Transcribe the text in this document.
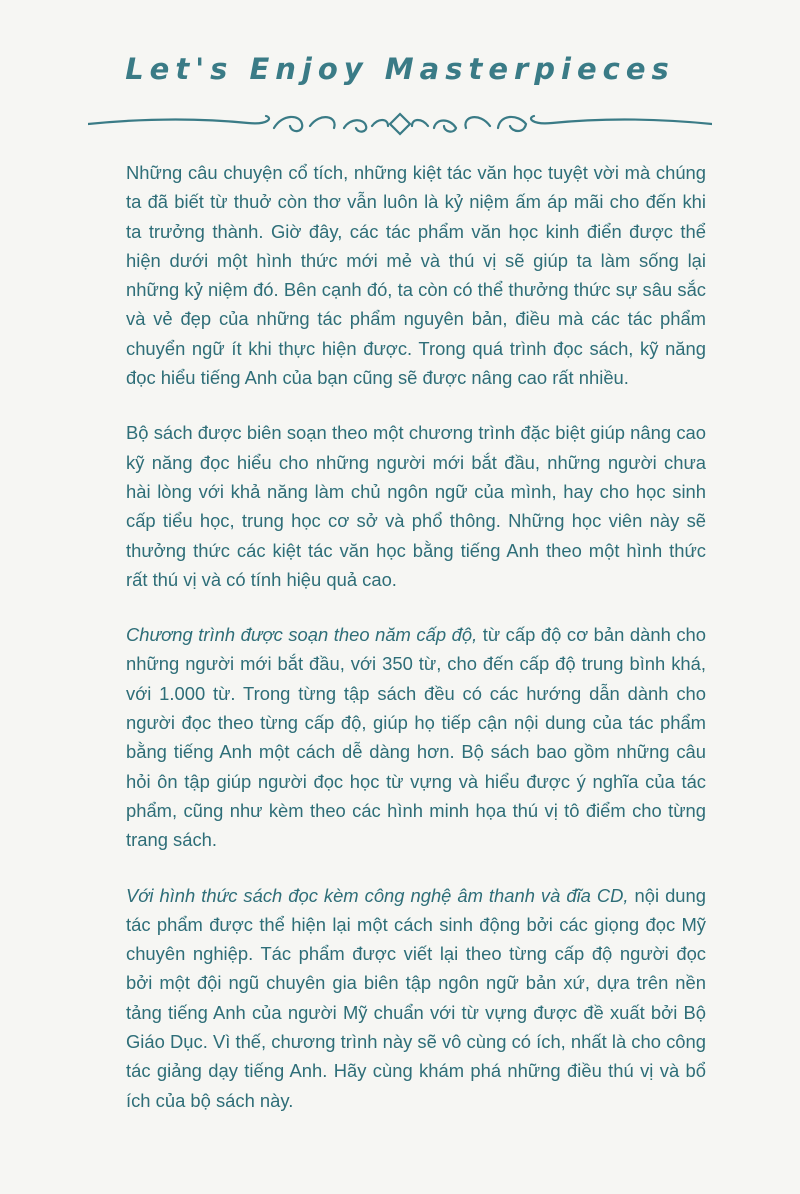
Let's Enjoy Masterpieces

Những câu chuyện cổ tích, những kiệt tác văn học tuyệt vời mà chúng ta đã biết từ thuở còn thơ vẫn luôn là kỷ niệm ấm áp mãi cho đến khi ta trưởng thành. Giờ đây, các tác phẩm văn học kinh điển được thể hiện dưới một hình thức mới mẻ và thú vị sẽ giúp ta làm sống lại những kỷ niệm đó. Bên cạnh đó, ta còn có thể thưởng thức sự sâu sắc và vẻ đẹp của những tác phẩm nguyên bản, điều mà các tác phẩm chuyển ngữ ít khi thực hiện được. Trong quá trình đọc sách, kỹ năng đọc hiểu tiếng Anh của bạn cũng sẽ được nâng cao rất nhiều.

Bộ sách được biên soạn theo một chương trình đặc biệt giúp nâng cao kỹ năng đọc hiểu cho những người mới bắt đầu, những người chưa hài lòng với khả năng làm chủ ngôn ngữ của mình, hay cho học sinh cấp tiểu học, trung học cơ sở và phổ thông. Những học viên này sẽ thưởng thức các kiệt tác văn học bằng tiếng Anh theo một hình thức rất thú vị và có tính hiệu quả cao.

Chương trình được soạn theo năm cấp độ, từ cấp độ cơ bản dành cho những người mới bắt đầu, với 350 từ, cho đến cấp độ trung bình khá, với 1.000 từ. Trong từng tập sách đều có các hướng dẫn dành cho người đọc theo từng cấp độ, giúp họ tiếp cận nội dung của tác phẩm bằng tiếng Anh một cách dễ dàng hơn. Bộ sách bao gồm những câu hỏi ôn tập giúp người đọc học từ vựng và hiểu được ý nghĩa của tác phẩm, cũng như kèm theo các hình minh họa thú vị tô điểm cho từng trang sách.

Với hình thức sách đọc kèm công nghệ âm thanh và đĩa CD, nội dung tác phẩm được thể hiện lại một cách sinh động bởi các giọng đọc Mỹ chuyên nghiệp. Tác phẩm được viết lại theo từng cấp độ người đọc bởi một đội ngũ chuyên gia biên tập ngôn ngữ bản xứ, dựa trên nền tảng tiếng Anh của người Mỹ chuẩn với từ vựng được đề xuất bởi Bộ Giáo Dục. Vì thế, chương trình này sẽ vô cùng có ích, nhất là cho công tác giảng dạy tiếng Anh. Hãy cùng khám phá những điều thú vị và bổ ích của bộ sách này.
